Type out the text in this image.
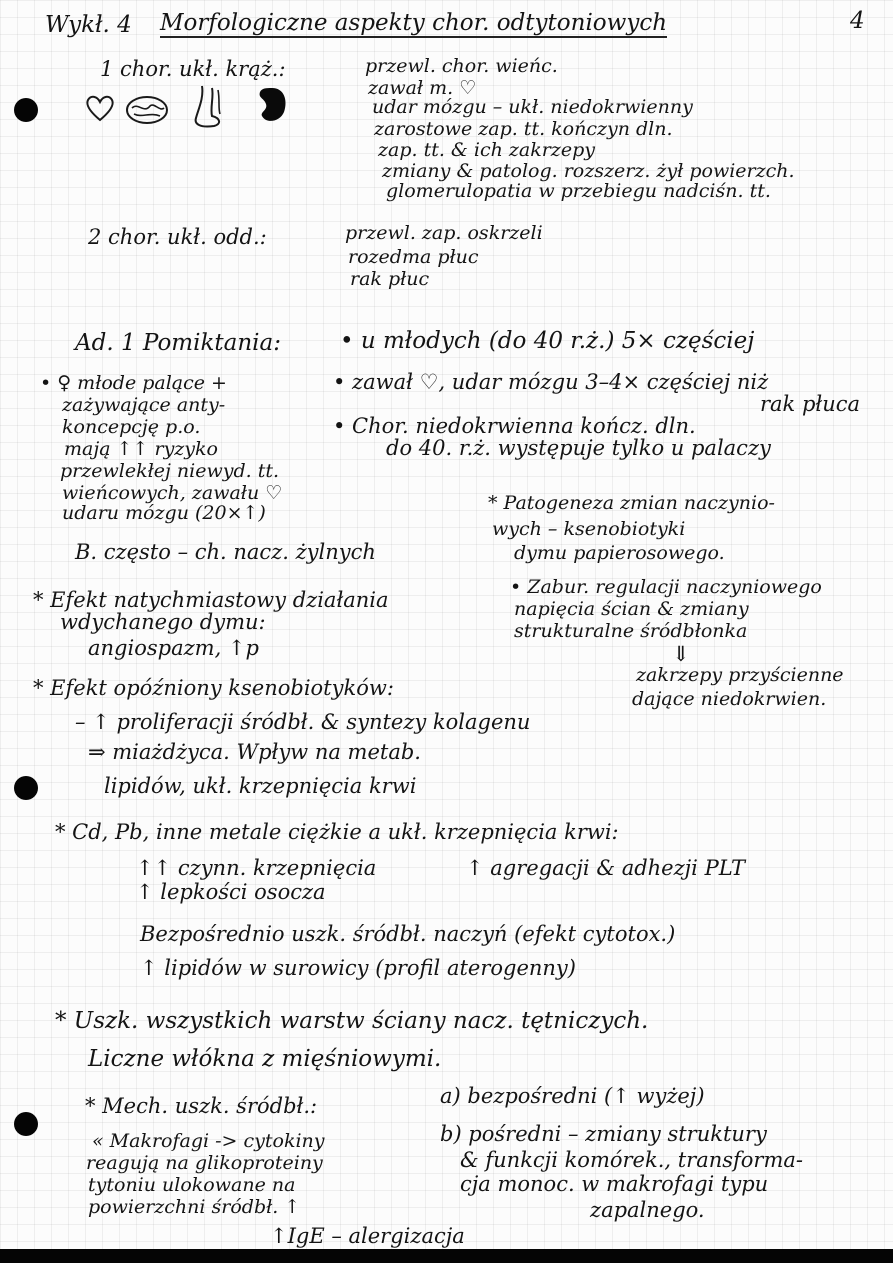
Wykł. 4 Morfologiczne aspekty chor. odtytoniowych	4
1 chor. ukł. krąż.:	przewl. chor. wieńc.
zawał m. ♡
udar mózgu – ukł. niedokrwienny
zarostowe zap. tt. kończyn dln.
zap. tt. & ich zakrzepy
zmiany & patolog. rozszerz. żył powierzch.
glomerulopatia w przebiegu nadciśn. tt.
2 chor. ukł. odd.:	przewl. zap. oskrzeli
rozedma płuc
rak płuc
Ad. 1 Pomiktania:	• u młodych (do 40 r.ż.) 5× częściej
• ♀ młode palące +
zażywające anty-
koncepcję p.o.
mają ↑↑ ryzyko
przewlekłej niewyd. tt.
wieńcowych, zawału ♡
udaru mózgu (20×↑)
• zawał ♡, udar mózgu 3–4× częściej niż
rak płuca
• Chor. niedokrwienna kończ. dln.
do 40. r.ż. występuje tylko u palaczy
B. często – ch. nacz. żylnych
* Patogeneza zmian naczynio-
wych – ksenobiotyki
dymu papierosowego.
• Zabur. regulacji naczyniowego
napięcia ścian & zmiany
strukturalne śródbłonka
⇓
zakrzepy przyścienne
dające niedokrwien.
* Efekt natychmiastowy działania
wdychanego dymu:
angiospazm, ↑p
* Efekt opóźniony ksenobiotyków:
– ↑ proliferacji śródbł. & syntezy kolagenu
⇒ miażdżyca. Wpływ na metab.
lipidów, ukł. krzepnięcia krwi
* Cd, Pb, inne metale ciężkie a ukł. krzepnięcia krwi:
↑↑ czynn. krzepnięcia	↑ agregacji & adhezji PLT
↑ lepkości osocza
Bezpośrednio uszk. śródbł. naczyń (efekt cytotox.)
↑ lipidów w surowicy (profil aterogenny)
* Uszk. wszystkich warstw ściany nacz. tętniczych.
Liczne włókna z mięśniowymi.
* Mech. uszk. śródbł.:	a) bezpośredni (↑ wyżej)
b) pośredni – zmiany struktury
& funkcji komórek., transforma-
cja monoc. w makrofagi typu
zapalnego.
« Makrofagi -> cytokiny
reagują na glikoproteiny
tytoniu ulokowane na
powierzchni śródbł. ↑
↑IgE – alergizacja
